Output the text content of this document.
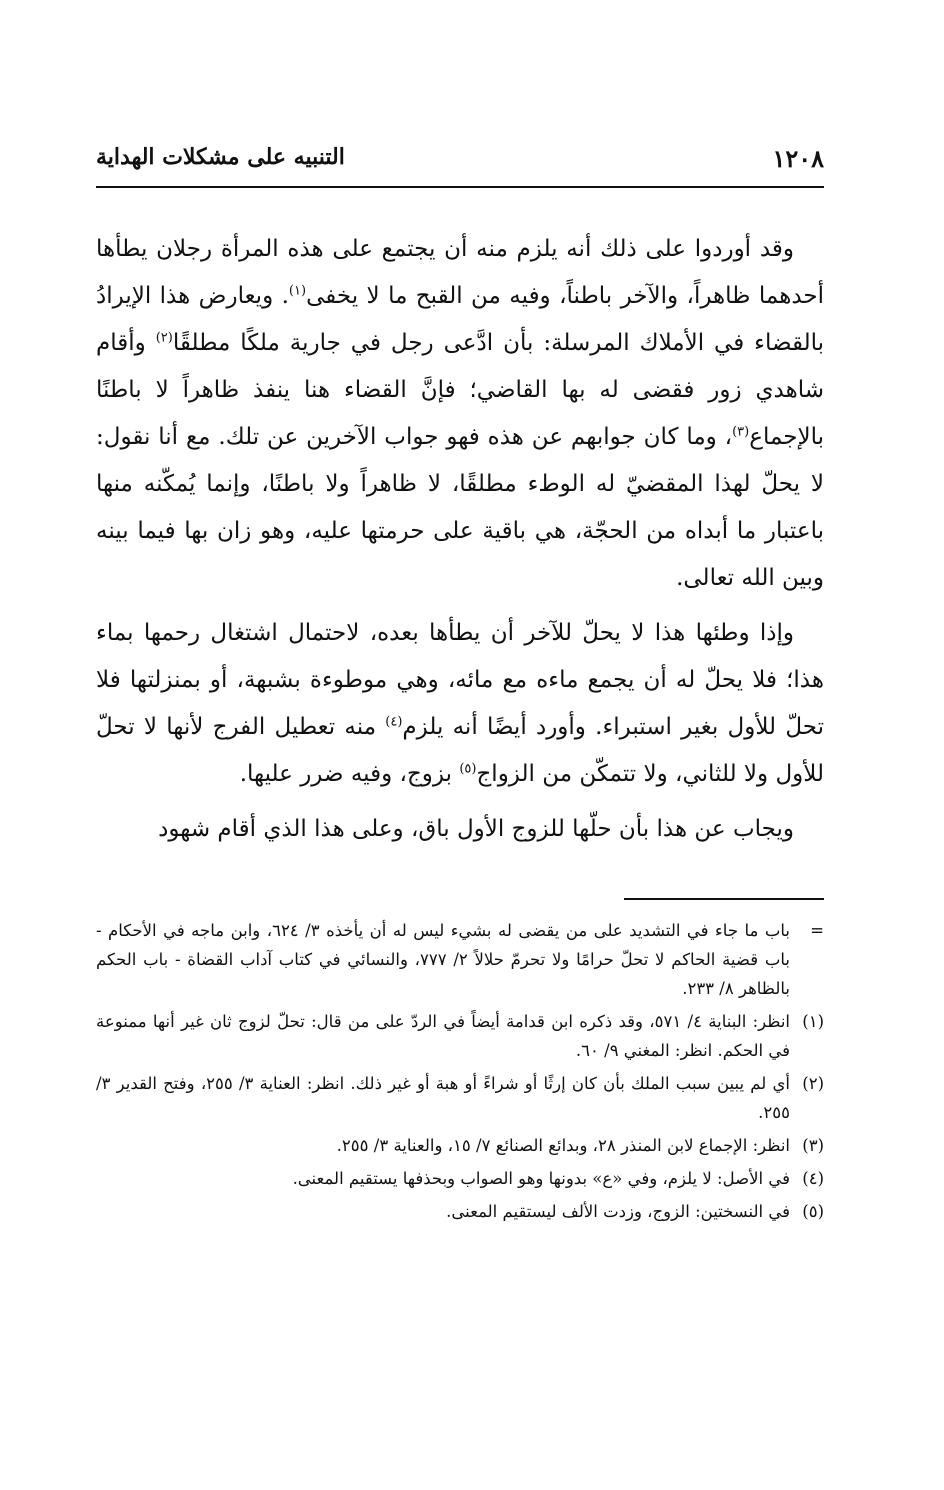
١٢٠٨
التنبيه على مشكلات الهداية

وقد أوردوا على ذلك أنه يلزم منه أن يجتمع على هذه المرأة رجلان يطأها أحدهما ظاهراً، والآخر باطناً، وفيه من القبح ما لا يخفى$^{(١)}$. ويعارض هذا الإيرادُ بالقضاء في الأملاك المرسلة: بأن ادَّعى رجل في جارية ملكًا مطلقًا$^{(٢)}$ وأقام شاهدي زور فقضى له بها القاضي؛ فإنَّ القضاء هنا ينفذ ظاهراً لا باطنًا بالإجماع$^{(٣)}$، وما كان جوابهم عن هذه فهو جواب الآخرين عن تلك. مع أنا نقول: لا يحلّ لهذا المقضيّ له الوطء مطلقًا، لا ظاهراً ولا باطنًا، وإنما يُمكّنه منها باعتبار ما أبداه من الحجّة، هي باقية على حرمتها عليه، وهو زان بها فيما بينه وبين الله تعالى.

وإذا وطئها هذا لا يحلّ للآخر أن يطأها بعده، لاحتمال اشتغال رحمها بماء هذا؛ فلا يحلّ له أن يجمع ماءه مع مائه، وهي موطوءة بشبهة، أو بمنزلتها فلا تحلّ للأول بغير استبراء. وأورد أيضًا أنه يلزم$^{(٤)}$ منه تعطيل الفرج لأنها لا تحلّ للأول ولا للثاني، ولا تتمكّن من الزواج$^{(٥)}$ بزوج، وفيه ضرر عليها.

ويجاب عن هذا بأن حلّها للزوج الأول باق، وعلى هذا الذي أقام شهود

=
باب ما جاء في التشديد على من يقضى له بشيء ليس له أن يأخذه ٣/ ٦٢٤، وابن ماجه في الأحكام - باب قضية الحاكم لا تحلّ حرامًا ولا تحرمّ حلالاً ٢/ ٧٧٧، والنسائي في كتاب آداب القضاة - باب الحكم بالظاهر ٨/ ٢٣٣.
(١)
انظر: البناية ٤/ ٥٧١، وقد ذكره ابن قدامة أيضاً في الردّ على من قال: تحلّ لزوج ثان غير أنها ممنوعة في الحكم. انظر: المغني ٩/ ٦٠.
(٢)
أي لم يبين سبب الملك بأن كان إرثًا أو شراءً أو هبة أو غير ذلك. انظر: العناية ٣/ ٢٥٥، وفتح القدير ٣/ ٢٥٥.
(٣)
انظر: الإجماع لابن المنذر ٢٨، وبدائع الصنائع ٧/ ١٥، والعناية ٣/ ٢٥٥.
(٤)
في الأصل: لا يلزم، وفي «ع» بدونها وهو الصواب وبحذفها يستقيم المعنى.
(٥)
في النسختين: الزوج، وزدت الألف ليستقيم المعنى.
